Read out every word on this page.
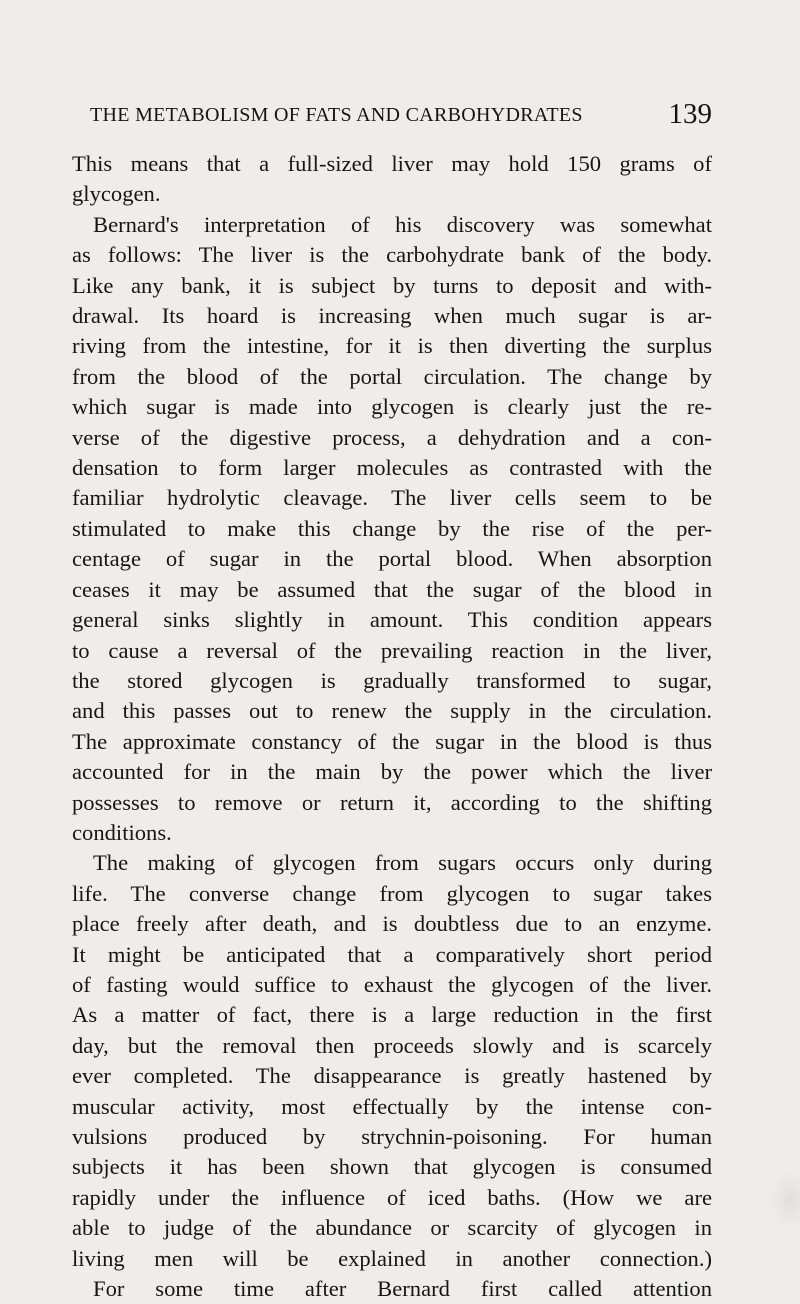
THE METABOLISM OF FATS AND CARBOHYDRATES	139
This means that a full-sized liver may hold 150 grams of
glycogen.
Bernard's interpretation of his discovery was somewhat
as follows: The liver is the carbohydrate bank of the body.
Like any bank, it is subject by turns to deposit and with-
drawal. Its hoard is increasing when much sugar is ar-
riving from the intestine, for it is then diverting the surplus
from the blood of the portal circulation. The change by
which sugar is made into glycogen is clearly just the re-
verse of the digestive process, a dehydration and a con-
densation to form larger molecules as contrasted with the
familiar hydrolytic cleavage. The liver cells seem to be
stimulated to make this change by the rise of the per-
centage of sugar in the portal blood. When absorption
ceases it may be assumed that the sugar of the blood in
general sinks slightly in amount. This condition appears
to cause a reversal of the prevailing reaction in the liver,
the stored glycogen is gradually transformed to sugar,
and this passes out to renew the supply in the circulation.
The approximate constancy of the sugar in the blood is thus
accounted for in the main by the power which the liver
possesses to remove or return it, according to the shifting
conditions.
The making of glycogen from sugars occurs only during
life. The converse change from glycogen to sugar takes
place freely after death, and is doubtless due to an enzyme.
It might be anticipated that a comparatively short period
of fasting would suffice to exhaust the glycogen of the liver.
As a matter of fact, there is a large reduction in the first
day, but the removal then proceeds slowly and is scarcely
ever completed. The disappearance is greatly hastened by
muscular activity, most effectually by the intense con-
vulsions produced by strychnin-poisoning. For human
subjects it has been shown that glycogen is consumed
rapidly under the influence of iced baths. (How we are
able to judge of the abundance or scarcity of glycogen in
living men will be explained in another connection.)
For some time after Bernard first called attention
